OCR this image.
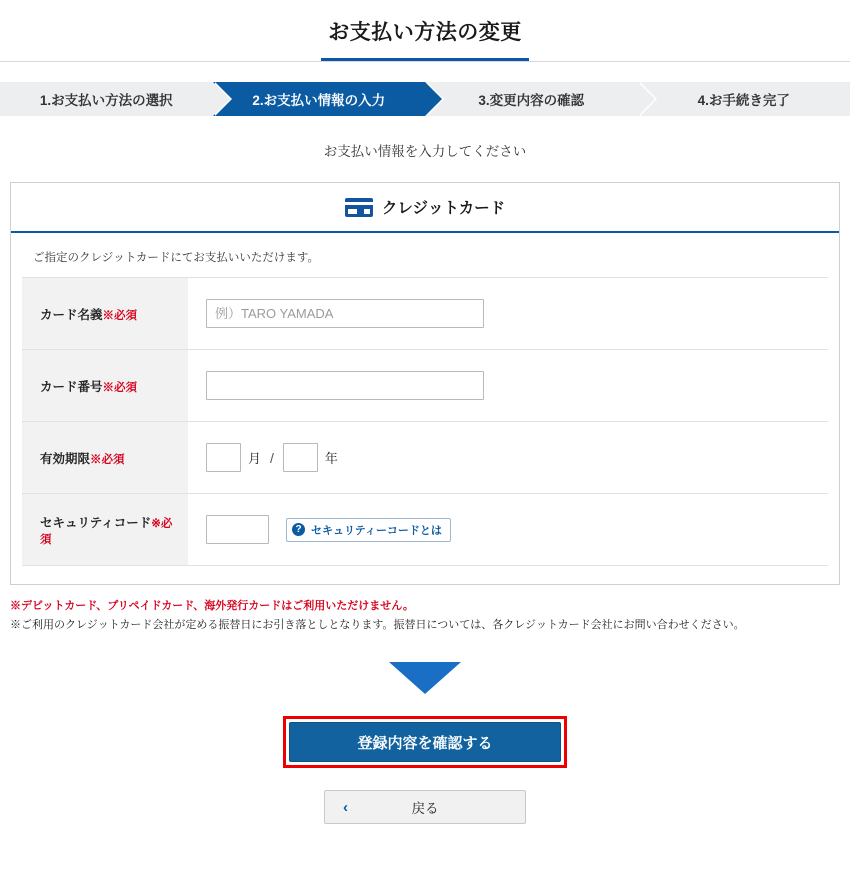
お支払い方法の変更
1.お支払い方法の選択	2.お支払い情報の入力	3.変更内容の確認	4.お手続き完了
お支払い情報を入力してください
クレジットカード
ご指定のクレジットカードにてお支払いいただけます。
カード名義※必須	例）TARO YAMADA
カード番号※必須	
有効期限※必須	月 / 年

セキュリティコード※必須	? セキュリティーコードとは
※デビットカード、プリペイドカード、海外発行カードはご利用いただけません。
※ご利用のクレジットカード会社が定める振替日にお引き落としとなります。振替日については、各クレジットカード会社にお問い合わせください。
登録内容を確認する
‹	戻る
